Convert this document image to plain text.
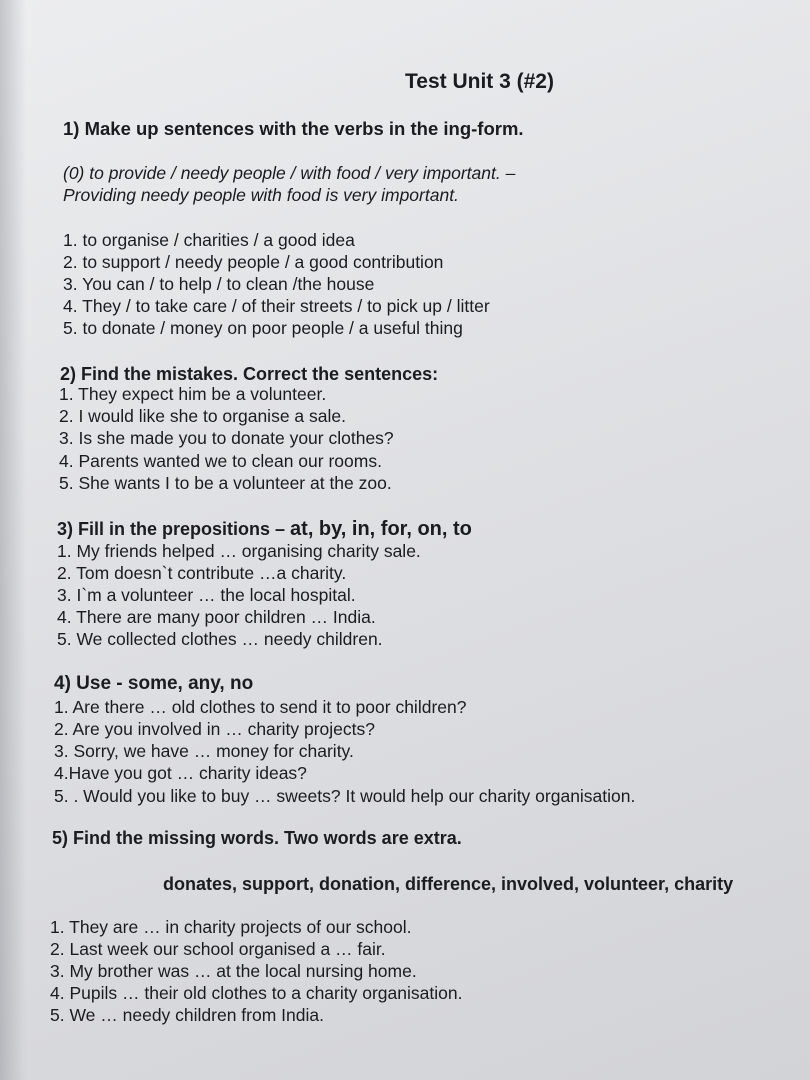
Test Unit 3 (#2)
1) Make up sentences with the verbs in the ing-form.
(0) to provide / needy people / with food / very important. –
Providing needy people with food is very important.
1. to organise / charities / a good idea
2. to support / needy people / a good contribution
3. You can / to help / to clean /the house
4. They / to take care / of their streets / to pick up / litter
5. to donate / money on poor people / a useful thing
2) Find the mistakes. Correct the sentences:
1. They expect him be a volunteer.
2. I would like she to organise a sale.
3. Is she made you to donate your clothes?
4. Parents wanted we to clean our rooms.
5. She wants I to be a volunteer at the zoo.
3) Fill in the prepositions – at, by, in, for, on, to
1. My friends helped … organising charity sale.
2. Tom doesn`t contribute …a charity.
3. I`m a volunteer … the local hospital.
4. There are many poor children … India.
5. We collected clothes … needy children.
4) Use - some, any, no
1. Are there … old clothes to send it to poor children?
2. Are you involved in … charity projects?
3. Sorry, we have … money for charity.
4.Have you got … charity ideas?
5. . Would you like to buy … sweets? It would help our charity organisation.
5) Find the missing words. Two words are extra.
donates, support, donation, difference, involved, volunteer, charity
1. They are … in charity projects of our school.
2. Last week our school organised a … fair.
3. My brother was … at the local nursing home.
4. Pupils … their old clothes to a charity organisation.
5. We … needy children from India.
